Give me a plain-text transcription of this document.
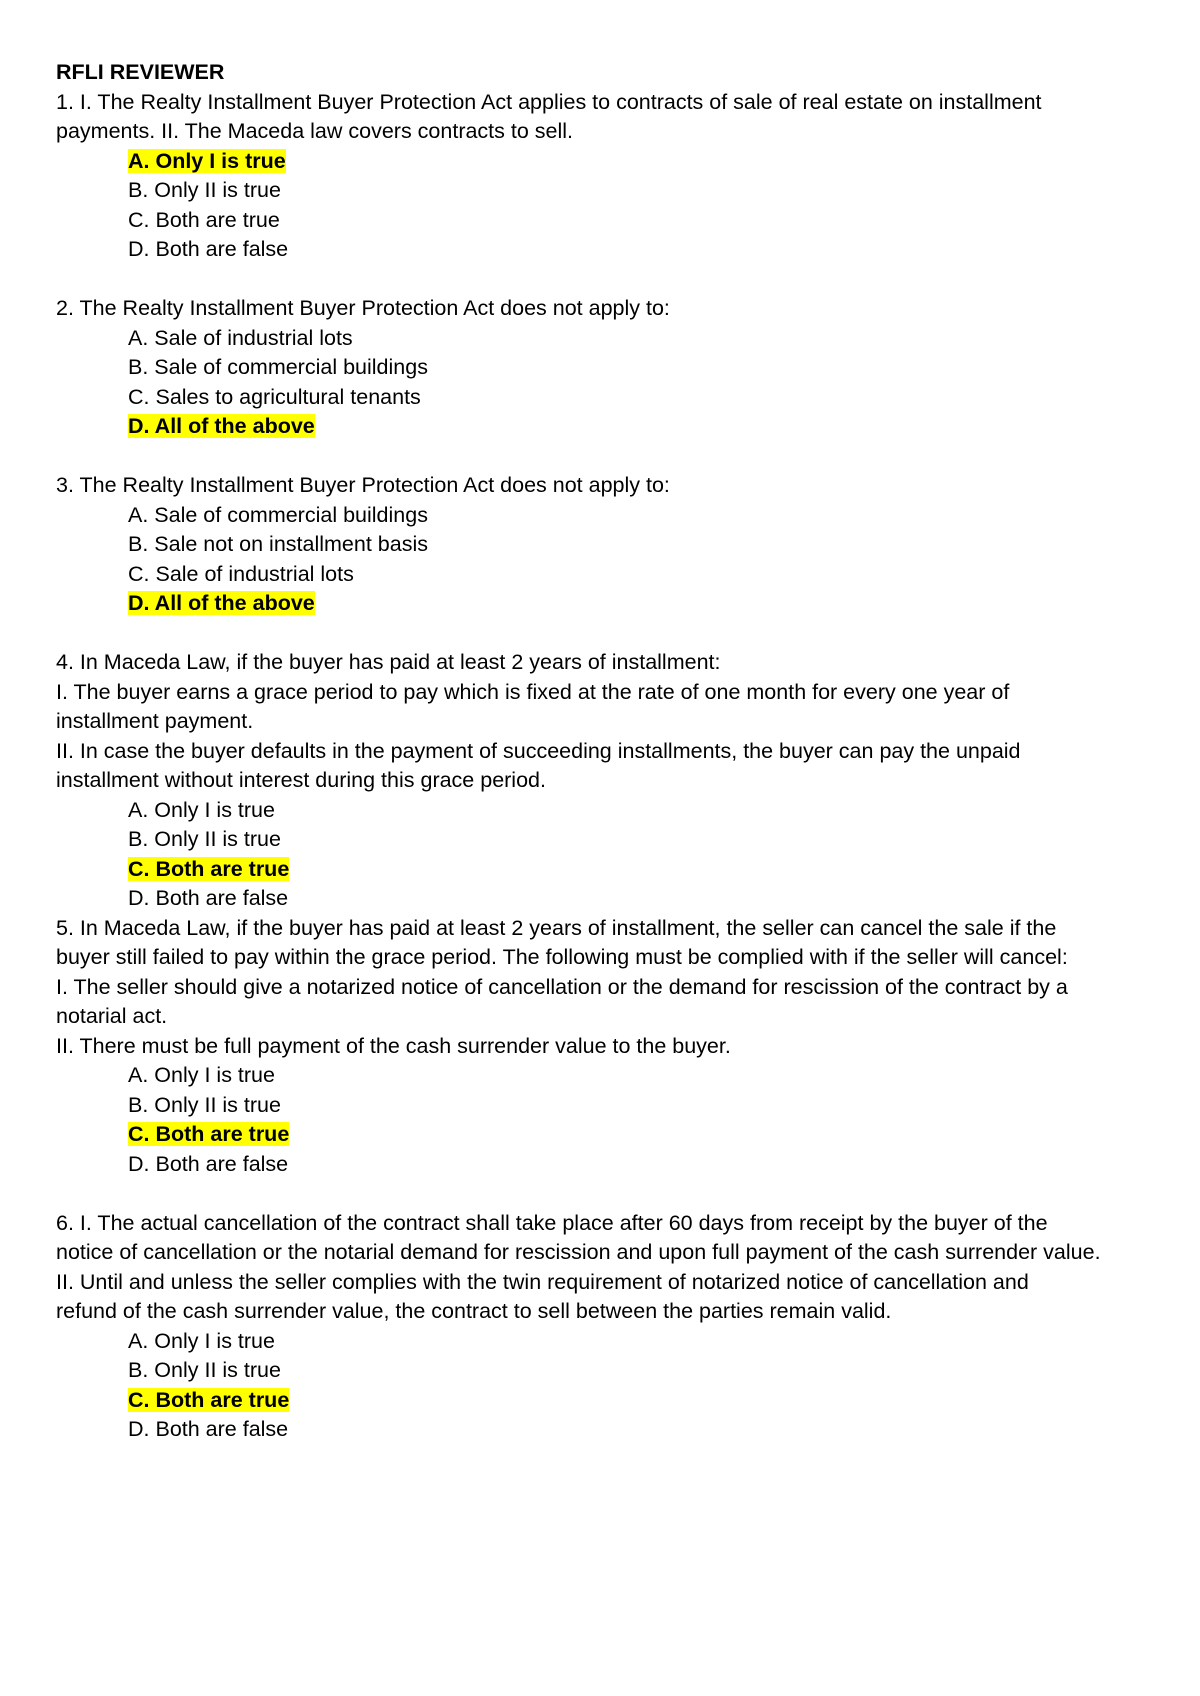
RFLI REVIEWER

1. I. The Realty Installment Buyer Protection Act applies to contracts of sale of real estate on installment

payments. II. The Maceda law covers contracts to sell.

A. Only I is true
B. Only II is true
C. Both are true
D. Both are false

2. The Realty Installment Buyer Protection Act does not apply to:

A. Sale of industrial lots
B. Sale of commercial buildings
C. Sales to agricultural tenants
D. All of the above

3. The Realty Installment Buyer Protection Act does not apply to:

A. Sale of commercial buildings
B. Sale not on installment basis
C. Sale of industrial lots
D. All of the above

4. In Maceda Law, if the buyer has paid at least 2 years of installment:

I. The buyer earns a grace period to pay which is fixed at the rate of one month for every one year of

installment payment.

II. In case the buyer defaults in the payment of succeeding installments, the buyer can pay the unpaid

installment without interest during this grace period.

A. Only I is true
B. Only II is true
C. Both are true
D. Both are false

5. In Maceda Law, if the buyer has paid at least 2 years of installment, the seller can cancel the sale if the

buyer still failed to pay within the grace period. The following must be complied with if the seller will cancel:

I. The seller should give a notarized notice of cancellation or the demand for rescission of the contract by a

notarial act.

II. There must be full payment of the cash surrender value to the buyer.

A. Only I is true
B. Only II is true
C. Both are true
D. Both are false

6. I. The actual cancellation of the contract shall take place after 60 days from receipt by the buyer of the

notice of cancellation or the notarial demand for rescission and upon full payment of the cash surrender value.

II. Until and unless the seller complies with the twin requirement of notarized notice of cancellation and

refund of the cash surrender value, the contract to sell between the parties remain valid.

A. Only I is true
B. Only II is true
C. Both are true
D. Both are false
